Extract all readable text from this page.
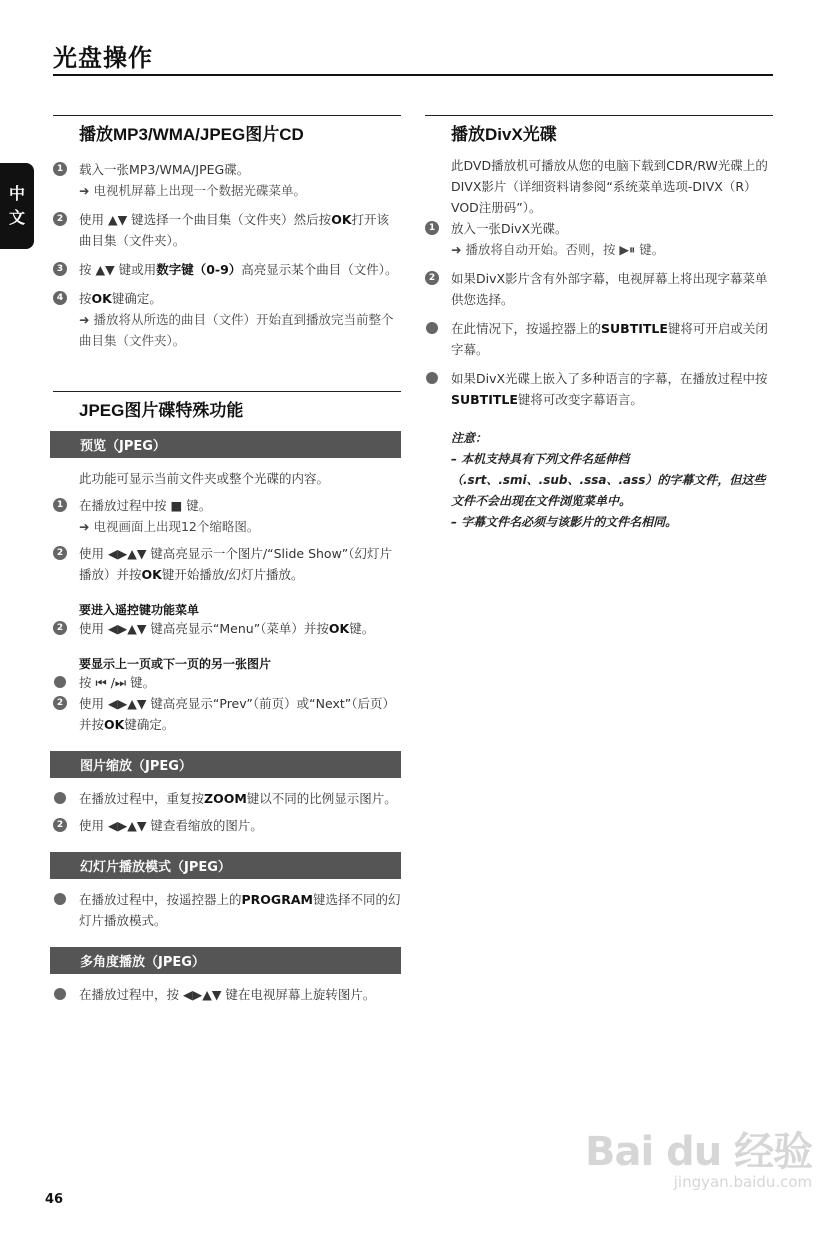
光盘操作
中
文
播放MP3/WMA/JPEG图片CD
1	载入一张MP3/WMA/JPEG碟。
➜ 电视机屏幕上出现一个数据光碟菜单。
2	使用 ▲▼ 键选择一个曲目集（文件夹）然后按OK打开该曲目集（文件夹）。
3	按 ▲▼ 键或用数字键（0-9）高亮显示某个曲目（文件）。
4	按OK键确定。
➜ 播放将从所选的曲目（文件）开始直到播放完当前整个曲目集（文件夹）。
JPEG图片碟特殊功能
预览（JPEG）
此功能可显示当前文件夹或整个光碟的内容。
1	在播放过程中按 ■ 键。
➜ 电视画面上出现12个缩略图。
2	使用 ◀▶▲▼ 键高亮显示一个图片/“Slide Show”（幻灯片播放）并按OK键开始播放/幻灯片播放。
要进入遥控键功能菜单
2	使用 ◀▶▲▼ 键高亮显示“Menu”（菜单）并按OK键。
要显示上一页或下一页的另一张图片
按 ⏮ /⏭ 键。
2	使用 ◀▶▲▼ 键高亮显示“Prev”（前页）或“Next”（后页）并按OK键确定。
图片缩放（JPEG）
在播放过程中，重复按ZOOM键以不同的比例显示图片。
2	使用 ◀▶▲▼ 键查看缩放的图片。
幻灯片播放模式（JPEG）
在播放过程中，按遥控器上的PROGRAM键选择不同的幻灯片播放模式。
多角度播放（JPEG）
在播放过程中，按 ◀▶▲▼ 键在电视屏幕上旋转图片。
播放DivX光碟
此DVD播放机可播放从您的电脑下载到CDR/RW光碟上的DIVX影片（详细资料请参阅“系统菜单选项-DIVX（R）VOD注册码”）。
1	放入一张DivX光碟。
➜ 播放将自动开始。否则，按 ▶⏸ 键。
2	如果DivX影片含有外部字幕，电视屏幕上将出现字幕菜单供您选择。
在此情况下，按遥控器上的SUBTITLE键将可开启或关闭字幕。
如果DivX光碟上嵌入了多种语言的字幕，在播放过程中按SUBTITLE键将可改变字幕语言。
注意：
– 本机支持具有下列文件名延伸档（.srt、.smi、.sub、.ssa、.ass）的字幕文件，但这些文件不会出现在文件浏览菜单中。
– 字幕文件名必须与该影片的文件名相同。
46
Bai du 经验
jingyan.baidu.com
